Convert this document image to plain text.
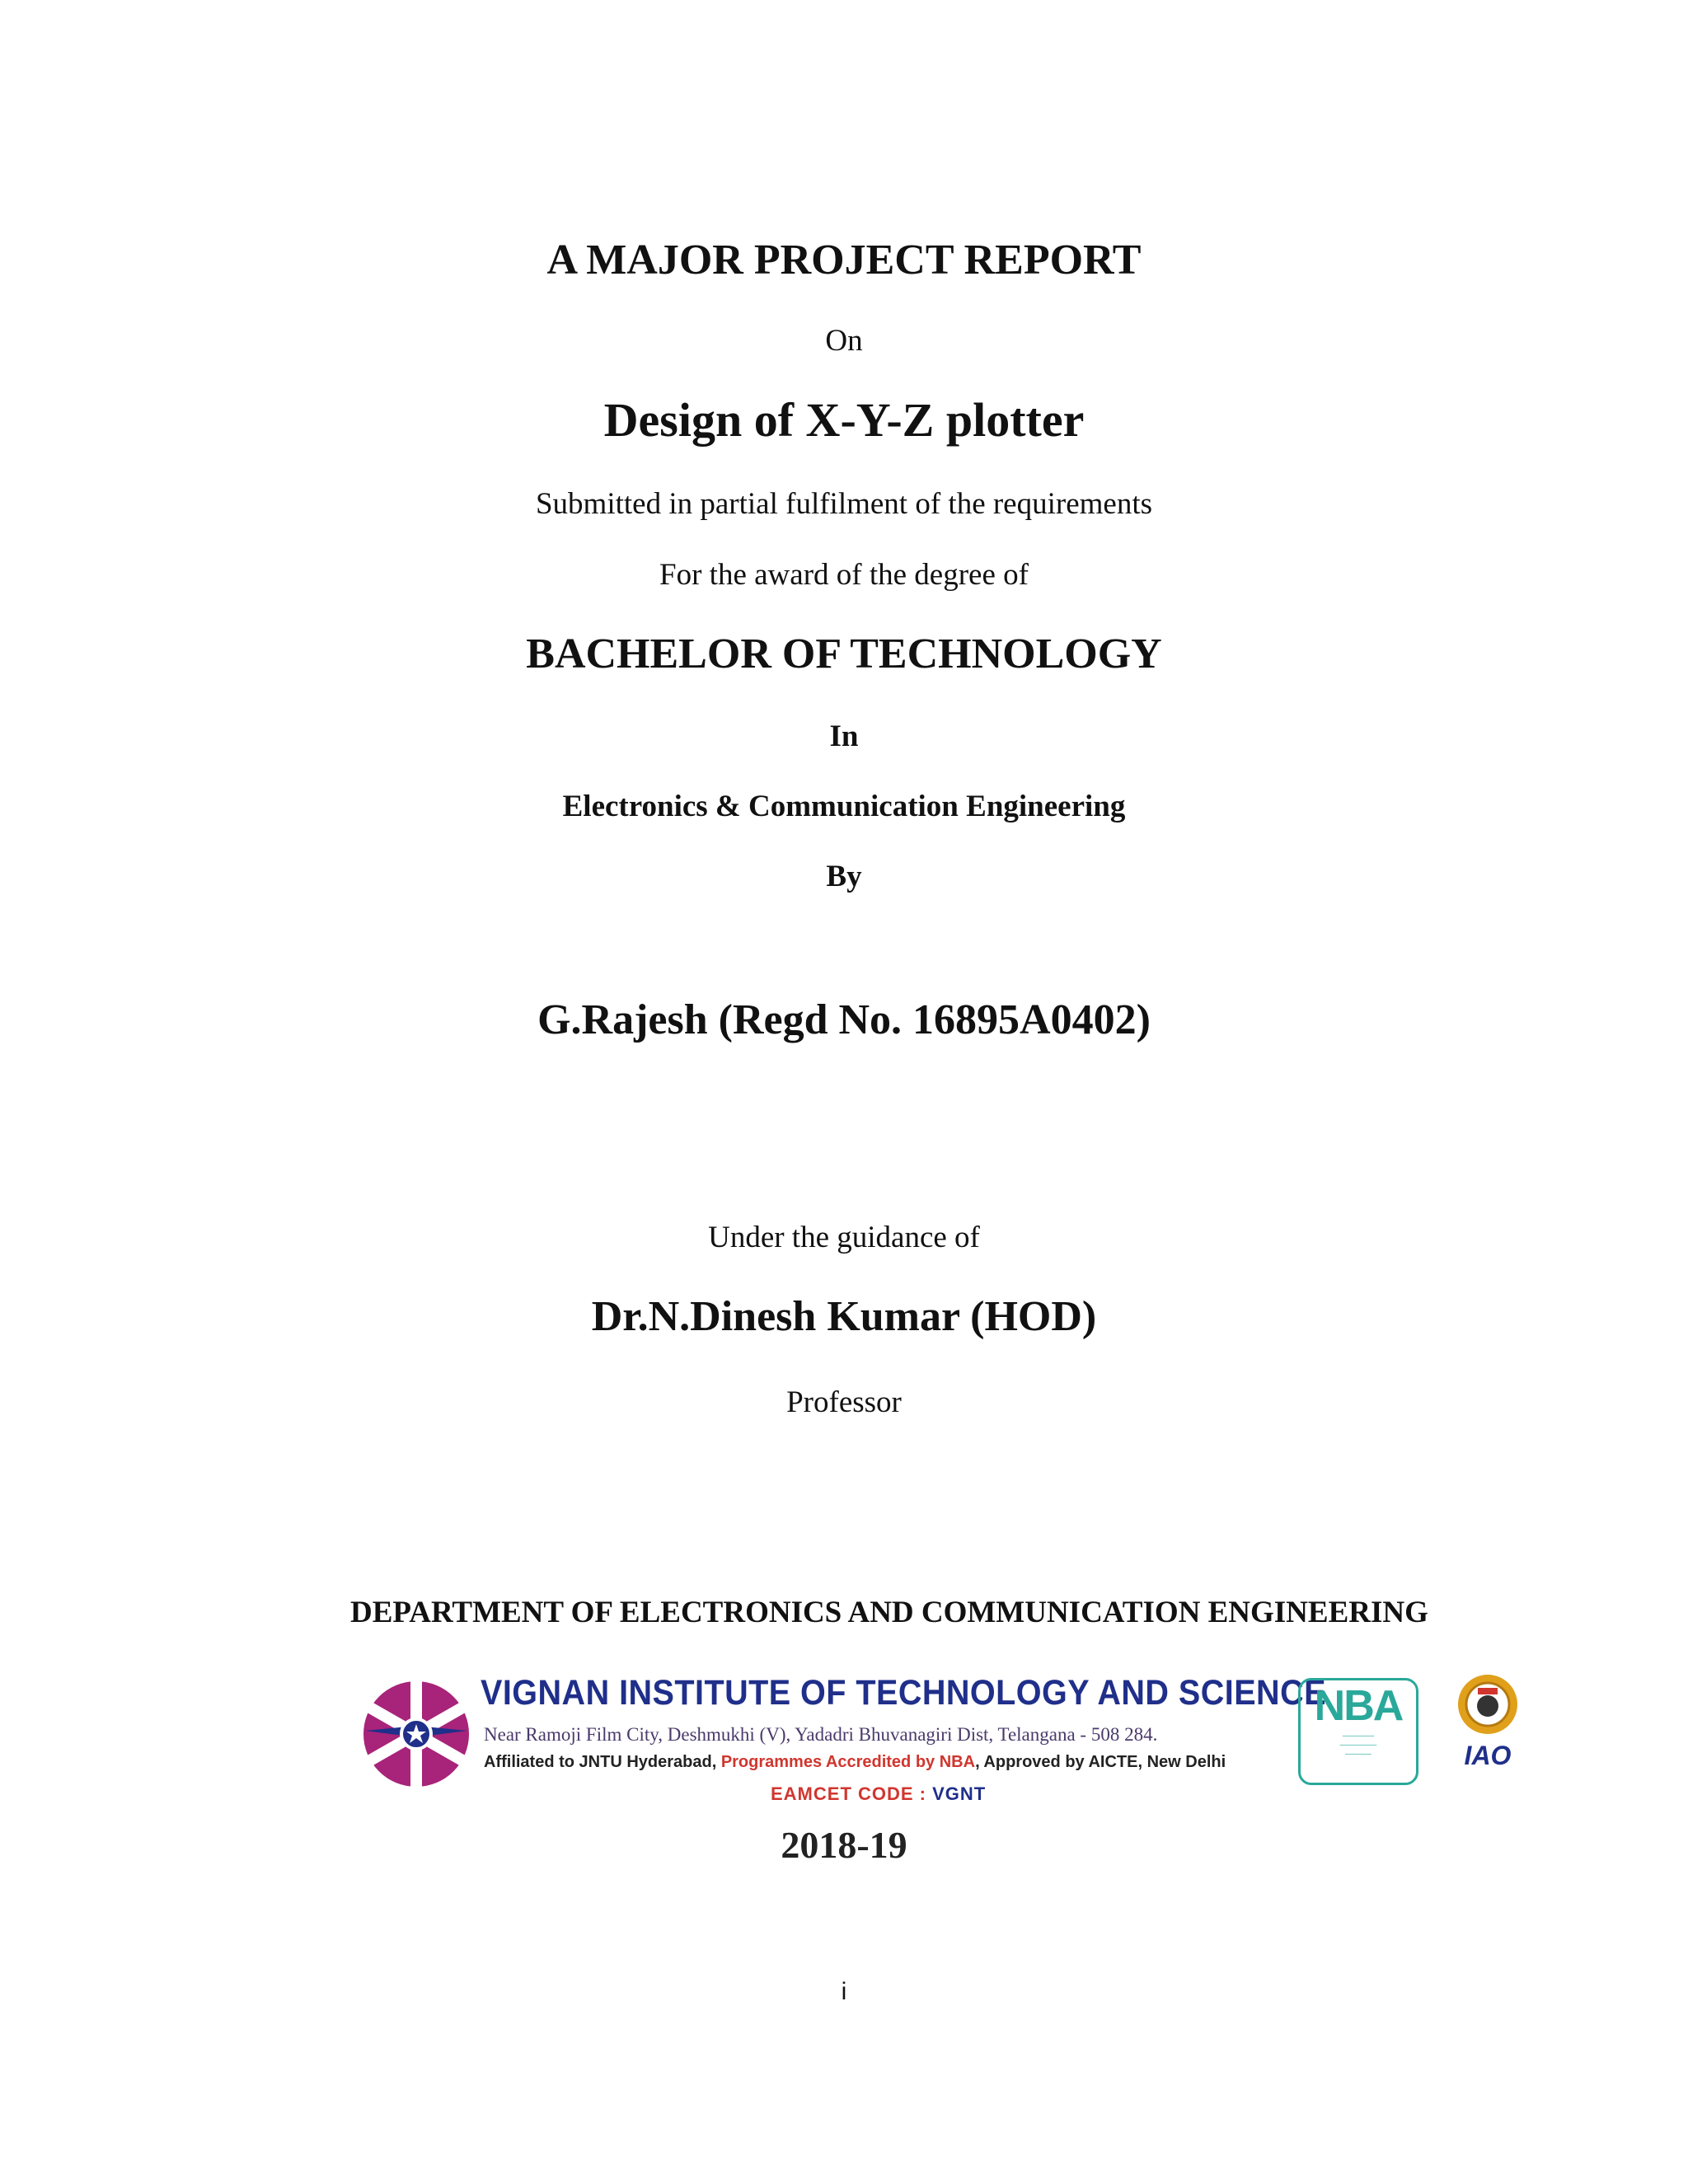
A MAJOR PROJECT REPORT
On
Design of X-Y-Z plotter
Submitted in partial fulfilment of the requirements
For the award of the degree of
BACHELOR OF TECHNOLOGY
In
Electronics & Communication Engineering
By
G.Rajesh (Regd No. 16895A0402)
Under the guidance of
Dr.N.Dinesh Kumar (HOD)
Professor
DEPARTMENT OF ELECTRONICS AND COMMUNICATION ENGINEERING
VIGNAN INSTITUTE OF TECHNOLOGY AND SCIENCE
Near Ramoji Film City, Deshmukhi (V), Yadadri Bhuvanagiri Dist, Telangana - 508 284.
Affiliated to JNTU Hyderabad, Programmes Accredited by NBA, Approved by AICTE, New Delhi
EAMCET CODE : VGNT
NBA
──────
───────
─────	IAO
2018-19
i
